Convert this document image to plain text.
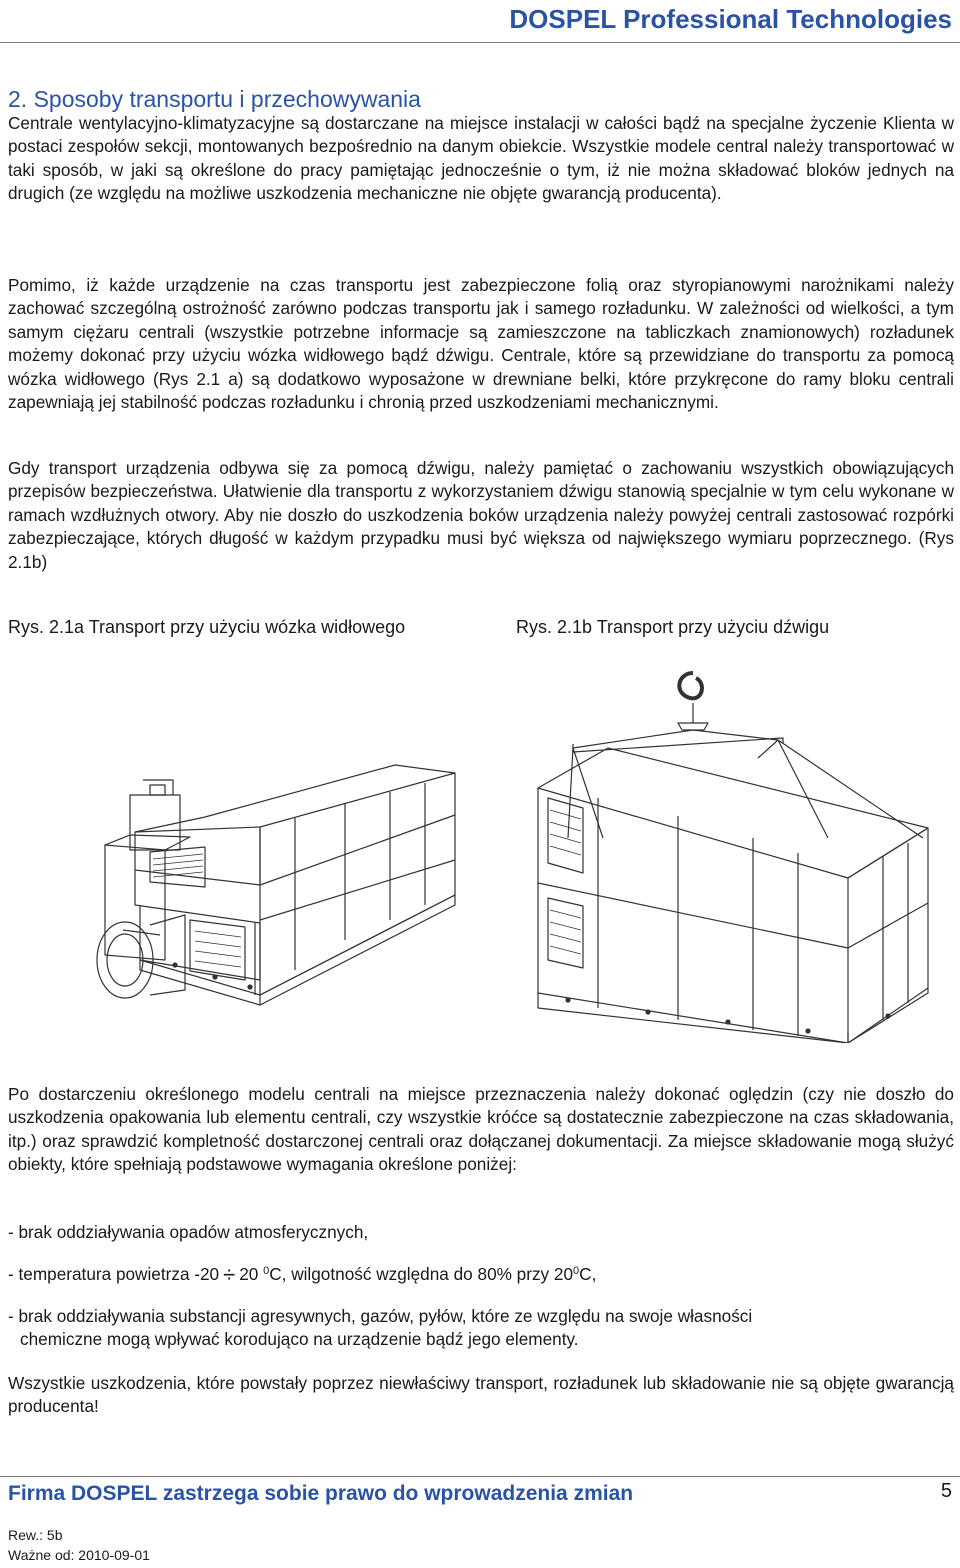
DOSPEL Professional Technologies
2. Sposoby transportu i przechowywania

Centrale wentylacyjno-klimatyzacyjne są dostarczane na miejsce instalacji w całości bądź na specjalne życzenie Klienta w postaci zespołów sekcji, montowanych bezpośrednio na danym obiekcie. Wszystkie modele central należy transportować w taki sposób, w jaki są określone do pracy pamiętając jednocześnie o tym, iż nie można składować bloków jednych na drugich (ze względu na możliwe uszkodzenia mechaniczne nie objęte gwarancją producenta).

Pomimo, iż każde urządzenie na czas transportu jest zabezpieczone folią oraz styropianowymi narożnikami należy zachować szczególną ostrożność zarówno podczas transportu jak i samego rozładunku. W zależności od wielkości, a tym samym ciężaru centrali (wszystkie potrzebne informacje są zamieszczone na tabliczkach znamionowych) rozładunek możemy dokonać przy użyciu wózka widłowego bądź dźwigu. Centrale, które są przewidziane do transportu za pomocą wózka widłowego (Rys 2.1 a) są dodatkowo wyposażone w drewniane belki, które przykręcone do ramy bloku centrali zapewniają jej stabilność podczas rozładunku i chronią przed uszkodzeniami mechanicznymi.

Gdy transport urządzenia odbywa się za pomocą dźwigu, należy pamiętać o zachowaniu wszystkich obowiązujących przepisów bezpieczeństwa. Ułatwienie dla transportu z wykorzystaniem dźwigu stanowią specjalnie w tym celu wykonane w ramach wzdłużnych otwory. Aby nie doszło do uszkodzenia boków urządzenia należy powyżej centrali zastosować rozpórki zabezpieczające, których długość w każdym przypadku musi być większa od największego wymiaru poprzecznego. (Rys 2.1b)

Rys. 2.1a Transport przy użyciu wózka widłowego	Rys. 2.1b Transport przy użyciu dźwigu

Po dostarczeniu określonego modelu centrali na miejsce przeznaczenia należy dokonać oględzin (czy nie doszło do uszkodzenia opakowania lub elementu centrali, czy wszystkie króćce są dostatecznie zabezpieczone na czas składowania, itp.) oraz sprawdzić kompletność dostarczonej centrali oraz dołączanej dokumentacji. Za miejsce składowanie mogą służyć obiekty, które spełniają podstawowe wymagania określone poniżej:

- brak oddziaływania opadów atmosferycznych,
- temperatura powietrza -20 ÷ 20 $^0$C, wilgotność względna do 80% przy $20^0C$,
- brak oddziaływania substancji agresywnych, gazów, pyłów, które ze względu na swoje własności
chemiczne mogą wpływać korodująco na urządzenie bądź jego elementy.

Wszystkie uszkodzenia, które powstały poprzez niewłaściwy transport, rozładunek lub składowanie nie są objęte gwarancją producenta!

Firma DOSPEL zastrzega sobie prawo do wprowadzenia zmian	5
Rew.: 5b
Ważne od: 2010-09-01
